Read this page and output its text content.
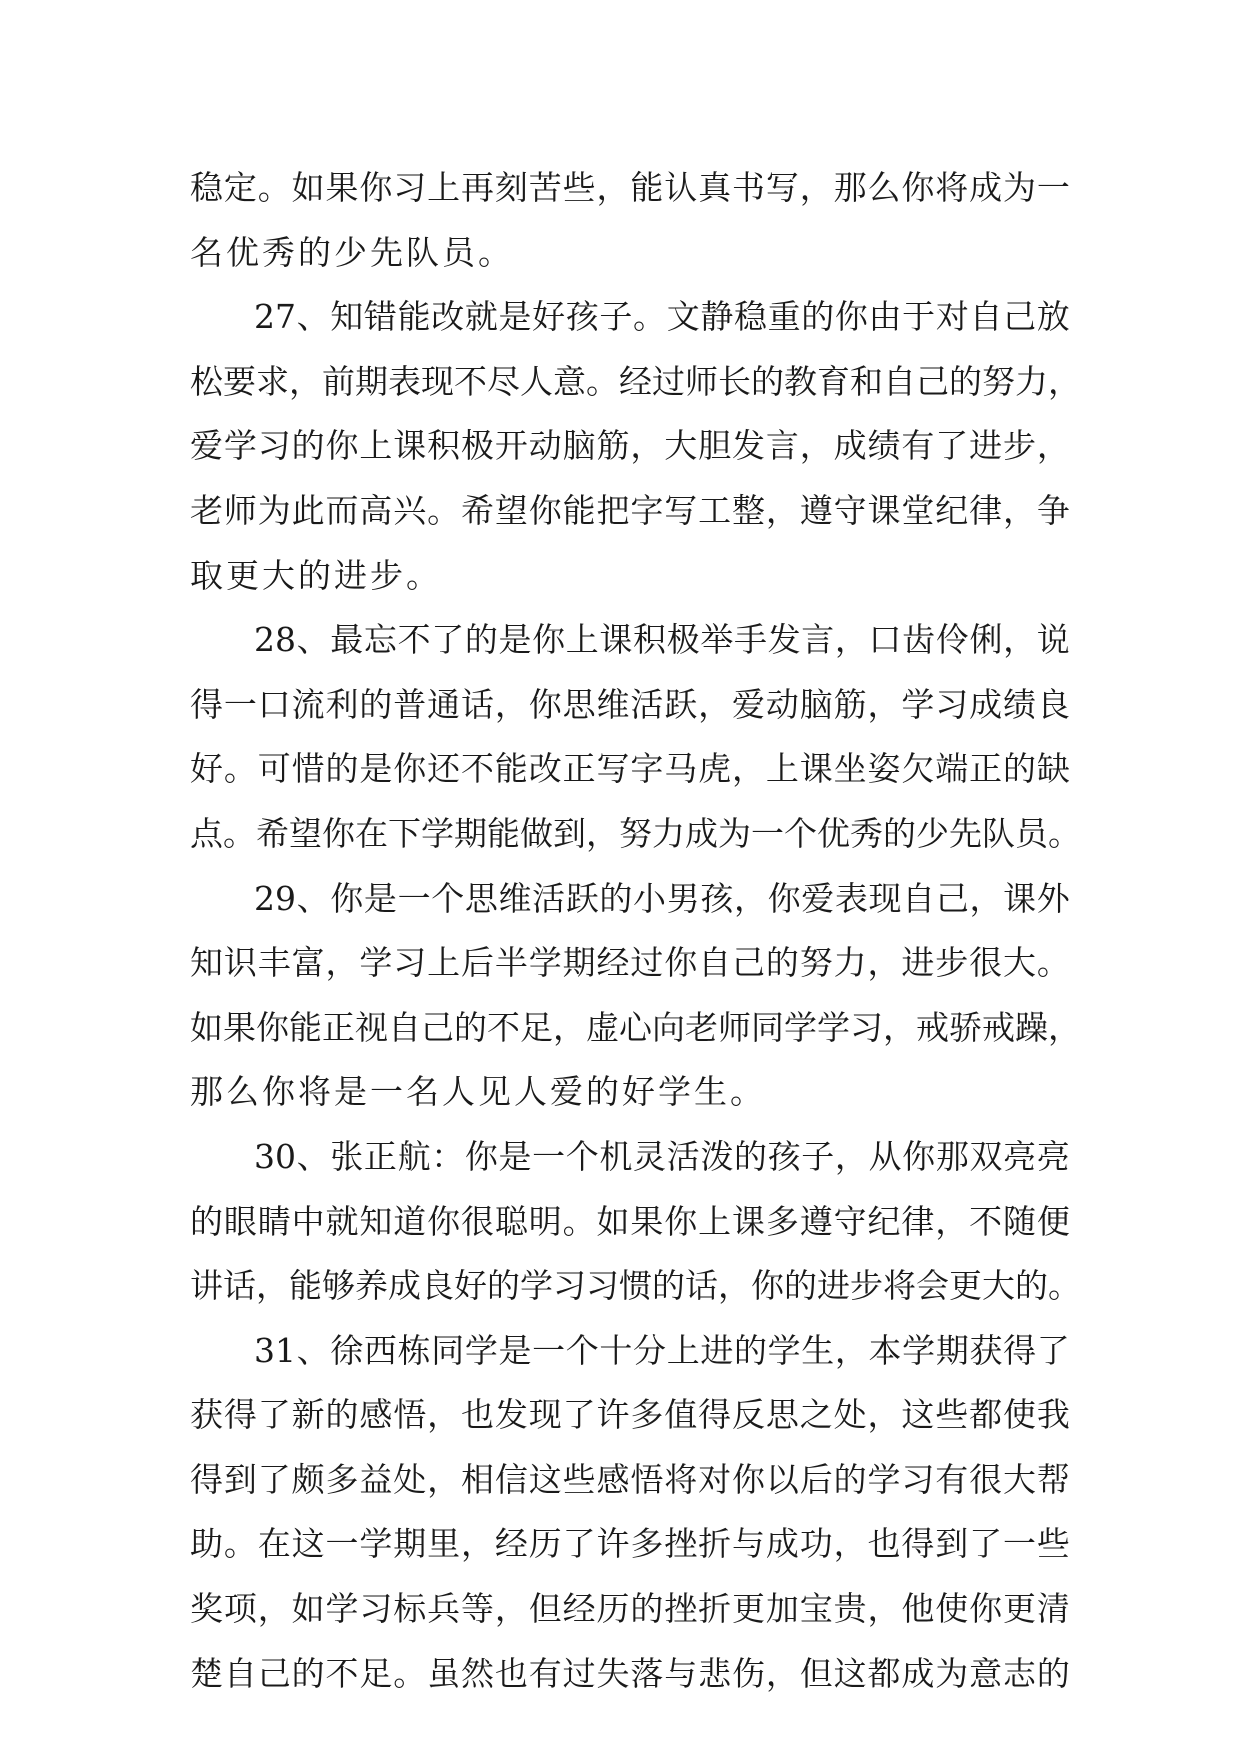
稳 定 。 如 果 你 习 上 再 刻 苦 些 ， 能 认 真 书 写 ， 那 么 你 将 成 为 一
名优秀的少先队员。
27 、 知 错 能 改 就 是 好 孩 子 。 文 静 稳 重 的 你 由 于 对 自 己 放
松 要 求 ， 前 期 表 现 不 尽 人 意 。 经 过 师 长 的 教 育 和 自 己 的 努 力 ，
爱 学 习 的 你 上 课 积 极 开 动 脑 筋 ， 大 胆 发 言 ， 成 绩 有 了 进 步 ，
老 师 为 此 而 高 兴 。 希 望 你 能 把 字 写 工 整 ， 遵 守 课 堂 纪 律 ， 争
取更大的进步。
28 、 最 忘 不 了 的 是 你 上 课 积 极 举 手 发 言 ， 口 齿 伶 俐 ， 说
得 一 口 流 利 的 普 通 话 ， 你 思 维 活 跃 ， 爱 动 脑 筋 ， 学 习 成 绩 良
好 。 可 惜 的 是 你 还 不 能 改 正 写 字 马 虎 ， 上 课 坐 姿 欠 端 正 的 缺
点 。 希 望 你 在 下 学 期 能 做 到 ， 努 力 成 为 一 个 优 秀 的 少 先 队 员 。
29 、 你 是 一 个 思 维 活 跃 的 小 男 孩 ， 你 爱 表 现 自 己 ， 课 外
知 识 丰 富 ， 学 习 上 后 半 学 期 经 过 你 自 己 的 努 力 ， 进 步 很 大 。
如 果 你 能 正 视 自 己 的 不 足 ， 虚 心 向 老 师 同 学 学 习 ， 戒 骄 戒 躁 ，
那么你将是一名人见人爱的好学生。
30 、 张 正 航 ： 你 是 一 个 机 灵 活 泼 的 孩 子 ， 从 你 那 双 亮 亮
的 眼 睛 中 就 知 道 你 很 聪 明 。 如 果 你 上 课 多 遵 守 纪 律 ， 不 随 便
讲 话 ， 能 够 养 成 良 好 的 学 习 习 惯 的 话 ， 你 的 进 步 将 会 更 大 的 。
31 、 徐 西 栋 同 学 是 一 个 十 分 上 进 的 学 生 ， 本 学 期 获 得 了
获 得 了 新 的 感 悟 ， 也 发 现 了 许 多 值 得 反 思 之 处 ， 这 些 都 使 我
得 到 了 颇 多 益 处 ， 相 信 这 些 感 悟 将 对 你 以 后 的 学 习 有 很 大 帮
助 。 在 这 一 学 期 里 ， 经 历 了 许 多 挫 折 与 成 功 ， 也 得 到 了 一 些
奖 项 ， 如 学 习 标 兵 等 ， 但 经 历 的 挫 折 更 加 宝 贵 ， 他 使 你 更 清
楚 自 己 的 不 足 。 虽 然 也 有 过 失 落 与 悲 伤 ， 但 这 都 成 为 意 志 的
